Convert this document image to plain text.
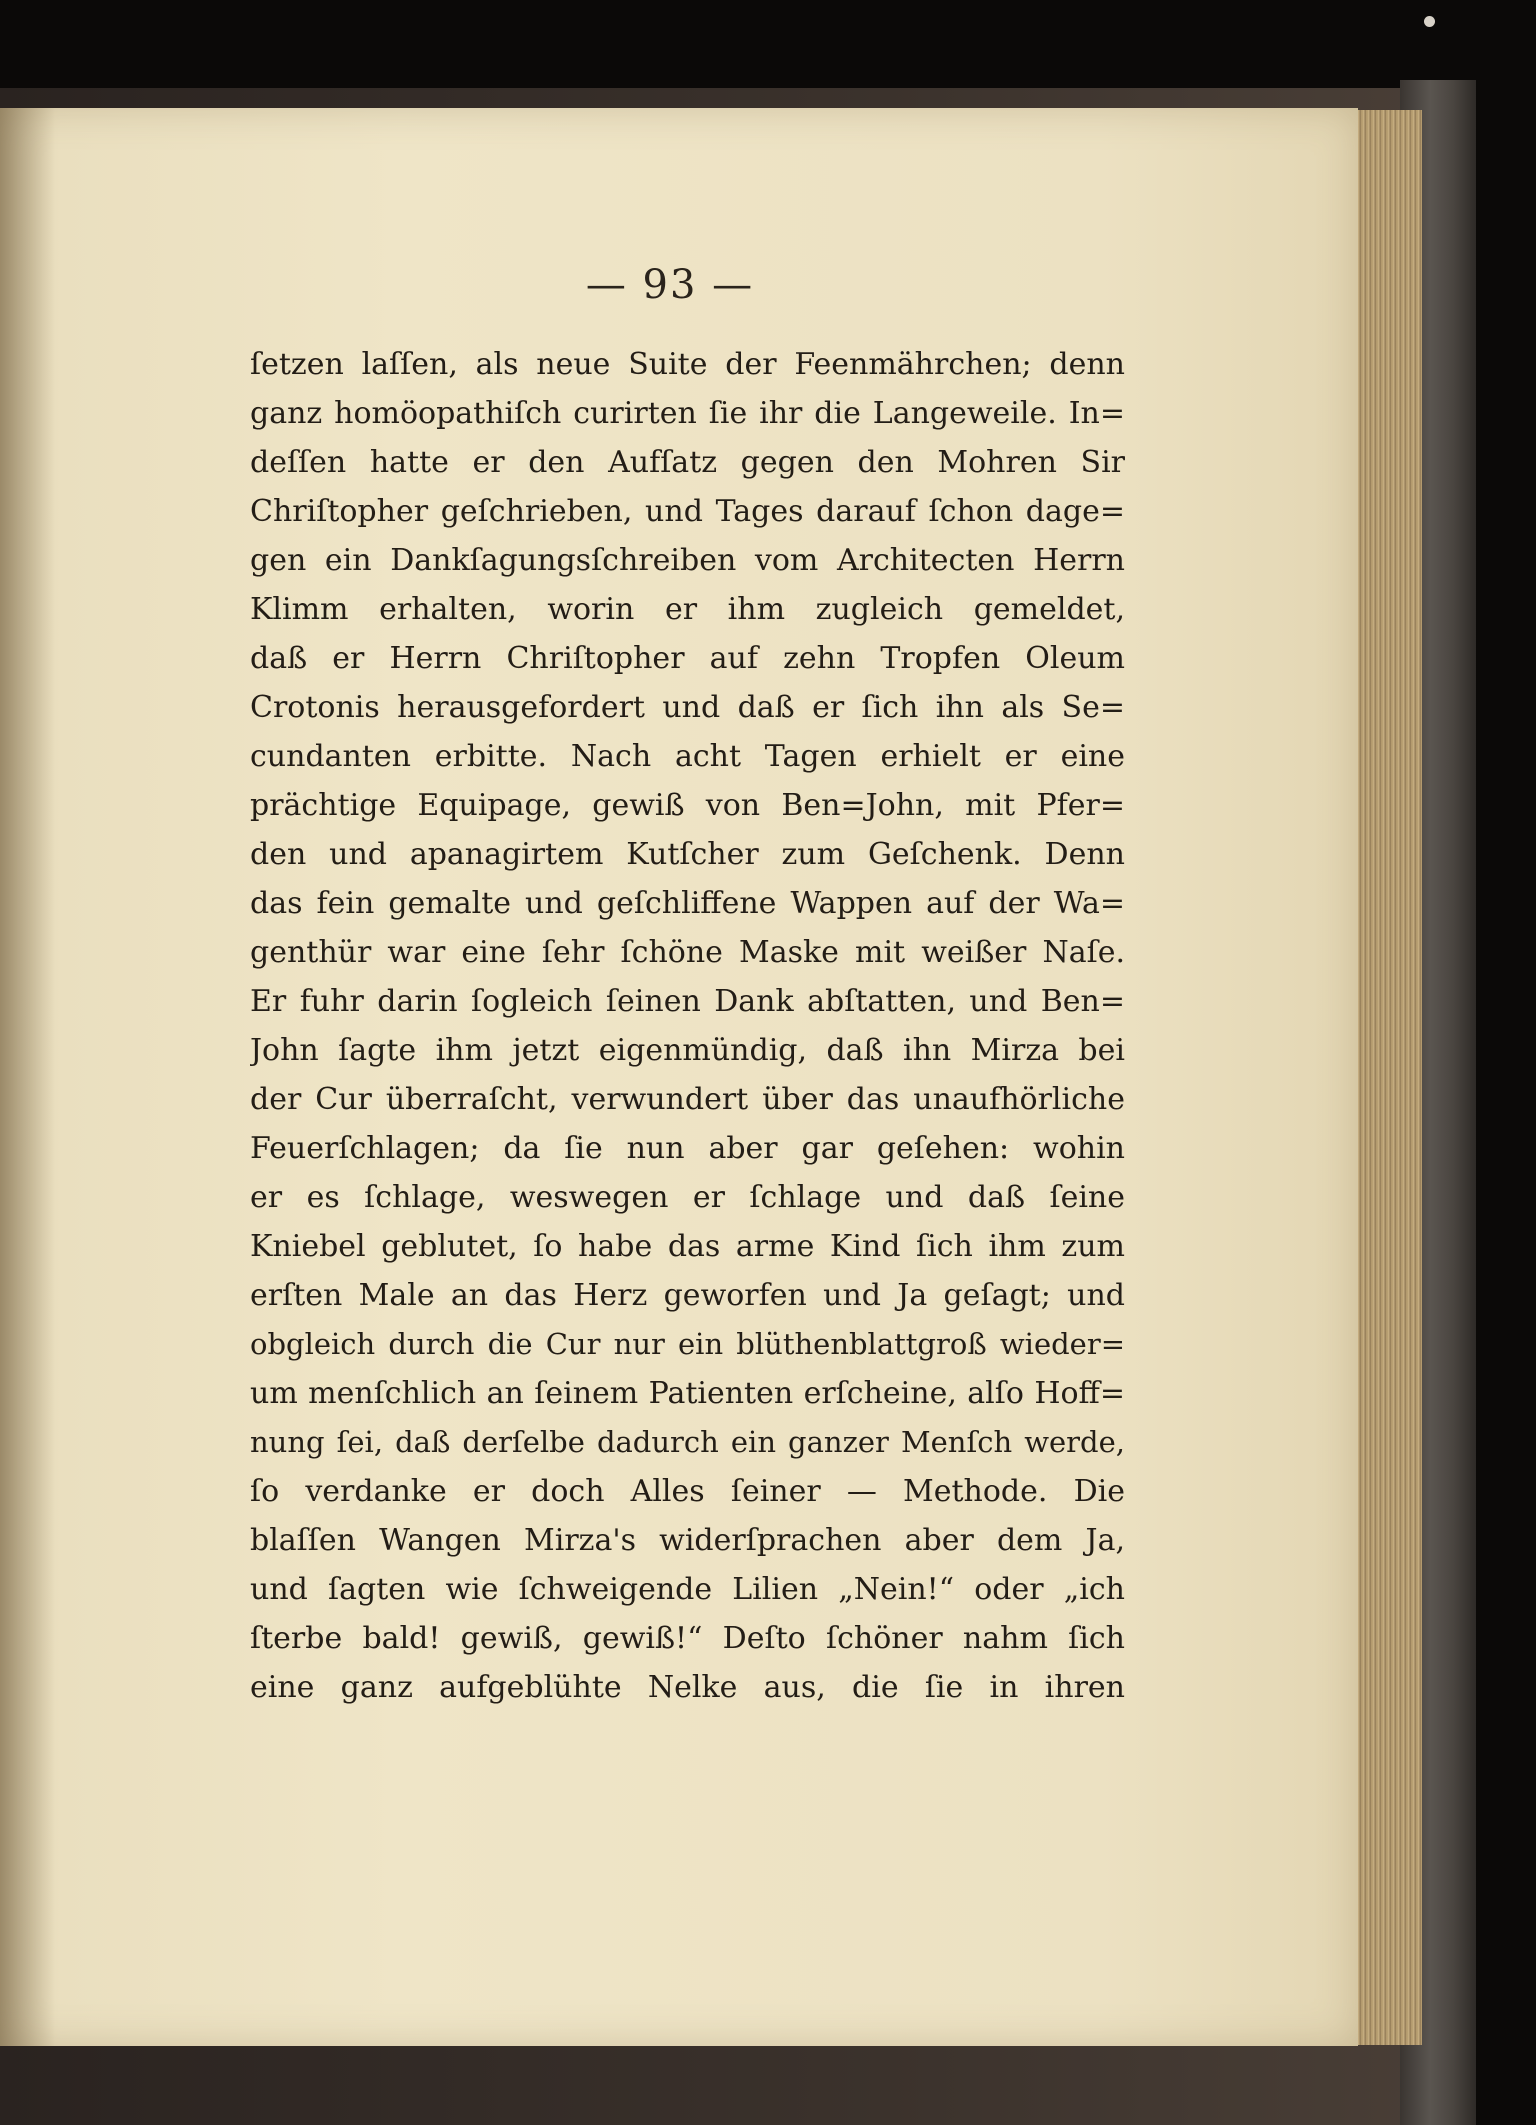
— 93 —
ſetzen laſſen, als neue Suite der Feenmährchen; denn
ganz homöopathiſch curirten ſie ihr die Langeweile. In=
deſſen hatte er den Aufſatz gegen den Mohren Sir
Chriſtopher geſchrieben, und Tages darauf ſchon dage=
gen ein Dankſagungsſchreiben vom Architecten Herrn
Klimm erhalten, worin er ihm zugleich gemeldet,
daß er Herrn Chriſtopher auf zehn Tropfen Oleum
Crotonis herausgefordert und daß er ſich ihn als Se=
cundanten erbitte. Nach acht Tagen erhielt er eine
prächtige Equipage, gewiß von Ben=John, mit Pfer=
den und apanagirtem Kutſcher zum Geſchenk. Denn
das fein gemalte und geſchliffene Wappen auf der Wa=
genthür war eine ſehr ſchöne Maske mit weißer Naſe.
Er fuhr darin ſogleich ſeinen Dank abſtatten, und Ben=
John ſagte ihm jetzt eigenmündig, daß ihn Mirza bei
der Cur überraſcht, verwundert über das unaufhörliche
Feuerſchlagen; da ſie nun aber gar geſehen: wohin
er es ſchlage, weswegen er ſchlage und daß ſeine
Kniebel geblutet, ſo habe das arme Kind ſich ihm zum
erſten Male an das Herz geworfen und Ja geſagt; und
obgleich durch die Cur nur ein blüthenblattgroß wieder=
um menſchlich an ſeinem Patienten erſcheine, alſo Hoff=
nung ſei, daß derſelbe dadurch ein ganzer Menſch werde,
ſo verdanke er doch Alles ſeiner — Methode. Die
blaſſen Wangen Mirza's widerſprachen aber dem Ja,
und ſagten wie ſchweigende Lilien „Nein!“ oder „ich
ſterbe bald! gewiß, gewiß!“ Deſto ſchöner nahm ſich
eine ganz aufgeblühte Nelke aus, die ſie in ihren
